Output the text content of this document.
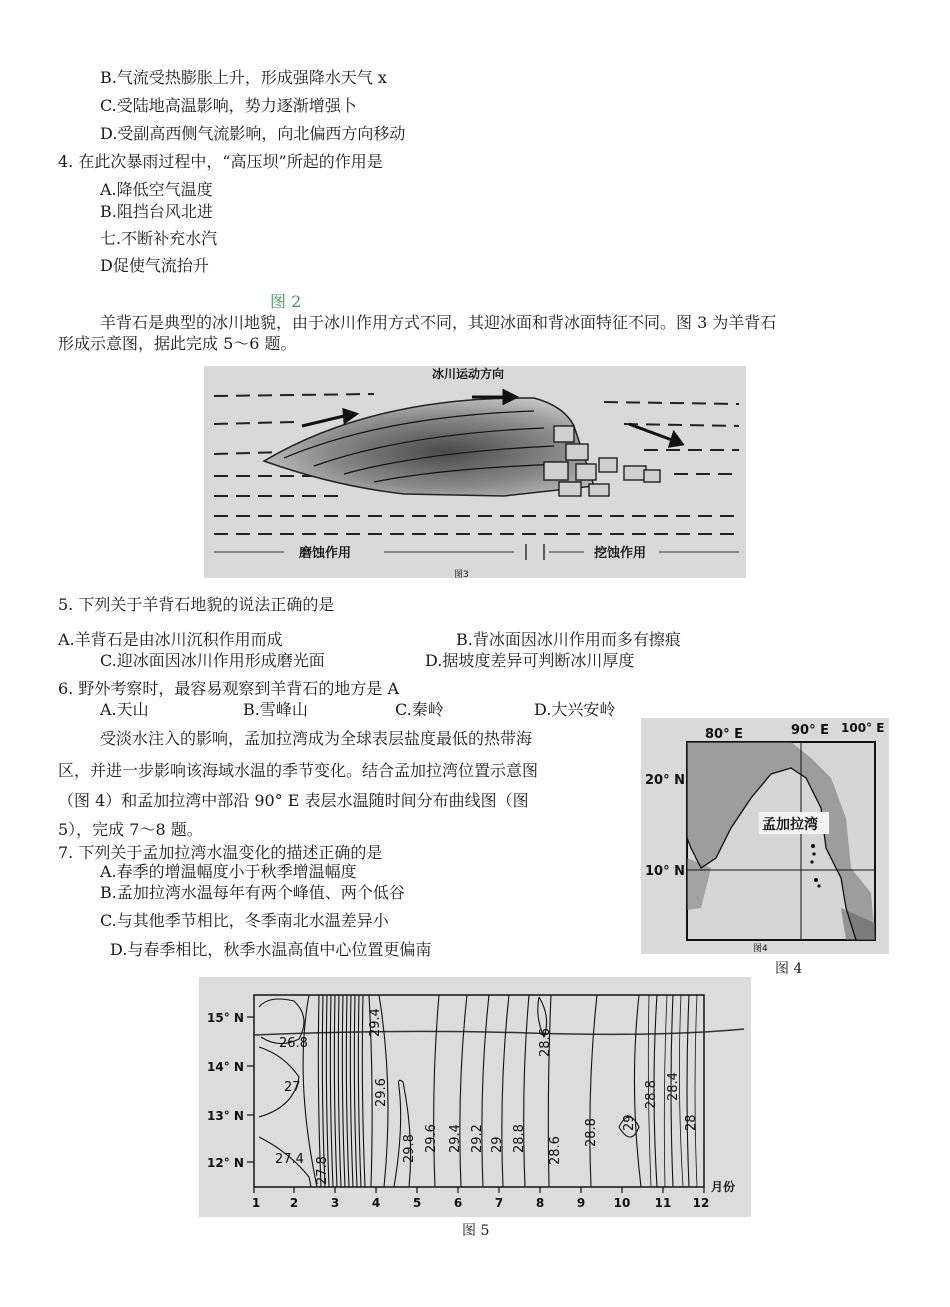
B.气流受热膨胀上升，形成强降水天气 x
C.受陆地高温影响，势力逐渐增强卜
D.受副高西侧气流影响，向北偏西方向移动
4. 在此次暴雨过程中，“高压坝”所起的作用是
A.降低空气温度
B.阻挡台风北进
七.不断补充水汽
D促使气流抬升
图 2
羊背石是典型的冰川地貌，由于冰川作用方式不同，其迎冰面和背冰面特征不同。图 3 为羊背石
形成示意图，据此完成 5～6 题。
冰川运动方向
磨蚀作用	挖蚀作用
图3
5. 下列关于羊背石地貌的说法正确的是
A.羊背石是由冰川沉积作用而成	B.背冰面因冰川作用而多有擦痕
C.迎冰面因冰川作用形成磨光面	D.据坡度差异可判断冰川厚度
6. 野外考察时，最容易观察到羊背石的地方是 A
A.天山	B.雪峰山	C.秦岭	D.大兴安岭
受淡水注入的影响，孟加拉湾成为全球表层盐度最低的热带海
区，并进一步影响该海域水温的季节变化。结合孟加拉湾位置示意图
（图 4）和孟加拉湾中部沿 90° E 表层水温随时间分布曲线图（图
5），完成 7～8 题。
7. 下列关于孟加拉湾水温变化的描述正确的是
A.春季的增温幅度小于秋季增温幅度
B.孟加拉湾水温每年有两个峰值、两个低谷
C.与其他季节相比，冬季南北水温差异小
D.与春季相比，秋季水温高值中心位置更偏南
孟加拉湾
80° E	90° E 100° E
20° N
10° N
图4
图 4
26.8
27
27.4 27.8
29.4
29.6
29.8 29.6 29.4 29.2 29 28.8
28.6
28.6
28.8 29
28.8 28.4
28
15° N
14° N
13° N
12° N
1 2	3	4	5	6	7	8	9 10 11 12
月份
图 5
